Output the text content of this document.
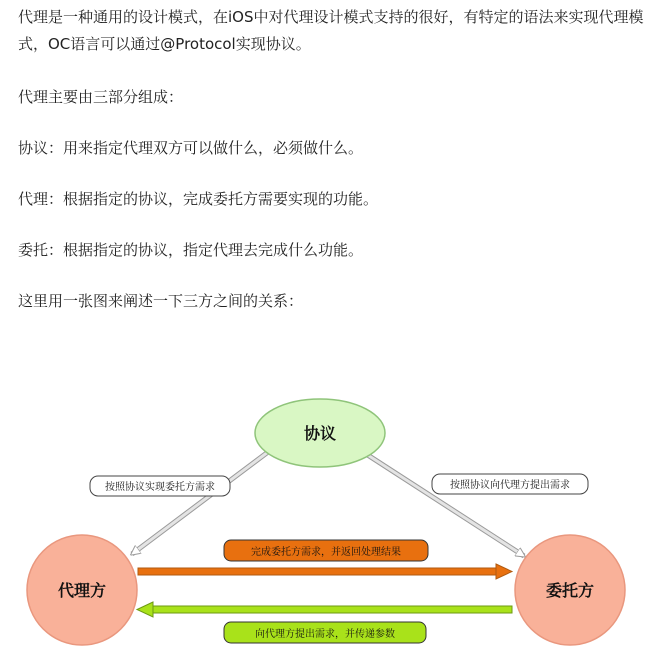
代理是一种通用的设计模式，在iOS中对代理设计模式支持的很好，有特定的语法来实现代理模式，OC语言可以通过@Protocol实现协议。

代理主要由三部分组成：

协议：用来指定代理双方可以做什么，必须做什么。

代理：根据指定的协议，完成委托方需要实现的功能。

委托：根据指定的协议，指定代理去完成什么功能。

这里用一张图来阐述一下三方之间的关系：

协议
代理方	委托方
按照协议实现委托方需求	按照协议向代理方提出需求
完成委托方需求，并返回处理结果
向代理方提出需求，并传递参数
